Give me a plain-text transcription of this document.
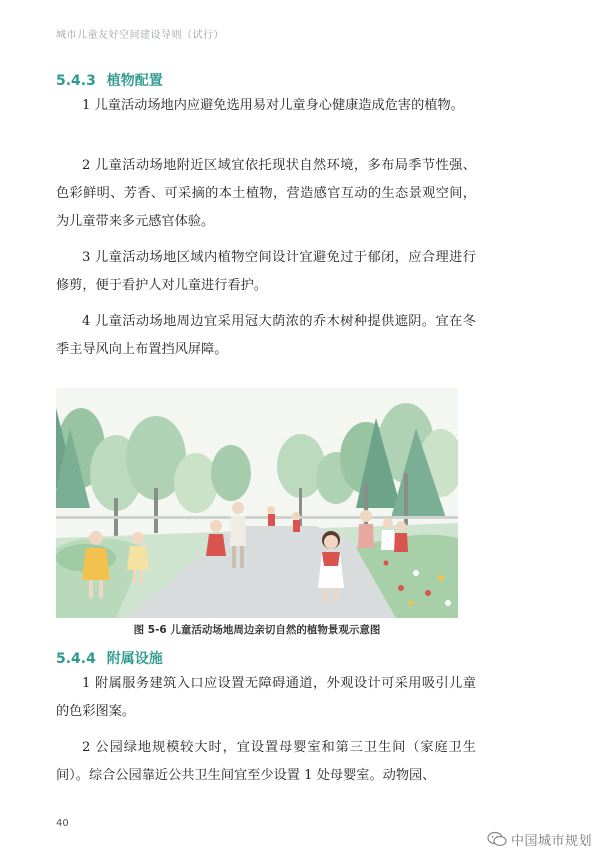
城市儿童友好空间建设导则（试行）
5.4.3 植物配置

1 儿童活动场地内应避免选用易对儿童身心健康造成危害的植物。

2 儿童活动场地附近区域宜依托现状自然环境，多布局季节性强、色彩鲜明、芳香、可采摘的本土植物，营造感官互动的生态景观空间，为儿童带来多元感官体验。

3 儿童活动场地区域内植物空间设计宜避免过于郁闭，应合理进行修剪，便于看护人对儿童进行看护。

4 儿童活动场地周边宜采用冠大荫浓的乔木树种提供遮阴。宜在冬季主导风向上布置挡风屏障。

图 5-6 儿童活动场地周边亲切自然的植物景观示意图
5.4.4 附属设施

1 附属服务建筑入口应设置无障碍通道，外观设计可采用吸引儿童的色彩图案。

2 公园绿地规模较大时，宜设置母婴室和第三卫生间（家庭卫生间）。综合公园靠近公共卫生间宜至少设置 1 处母婴室。动物园、

40
中国城市规划
